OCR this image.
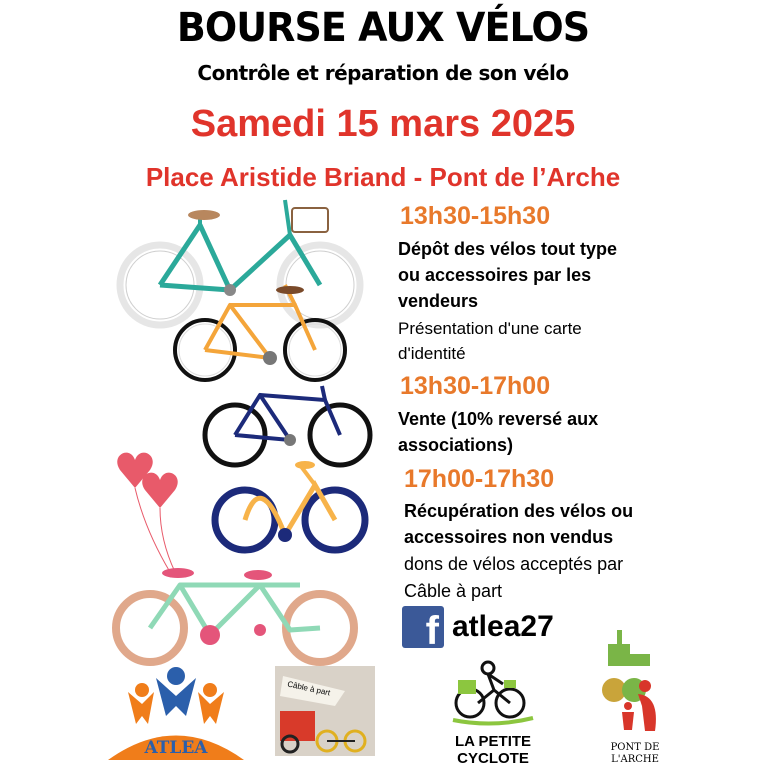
BOURSE AUX VÉLOS
Contrôle et réparation de son vélo
Samedi 15 mars 2025
Place Aristide Briand - Pont de l’Arche
13h30-15h30
Dépôt des vélos tout type
ou accessoires par les
vendeurs
Présentation d'une carte
d'identité
13h30-17h00
Vente (10% reversé aux
associations)
17h00-17h30
Récupération des vélos ou
accessoires non vendus
dons de vélos acceptés par
Câble à part
f atlea27
ATLEA
Câble à part
LA PETITE
CYCLOTE
PONT DE
L'ARCHE
